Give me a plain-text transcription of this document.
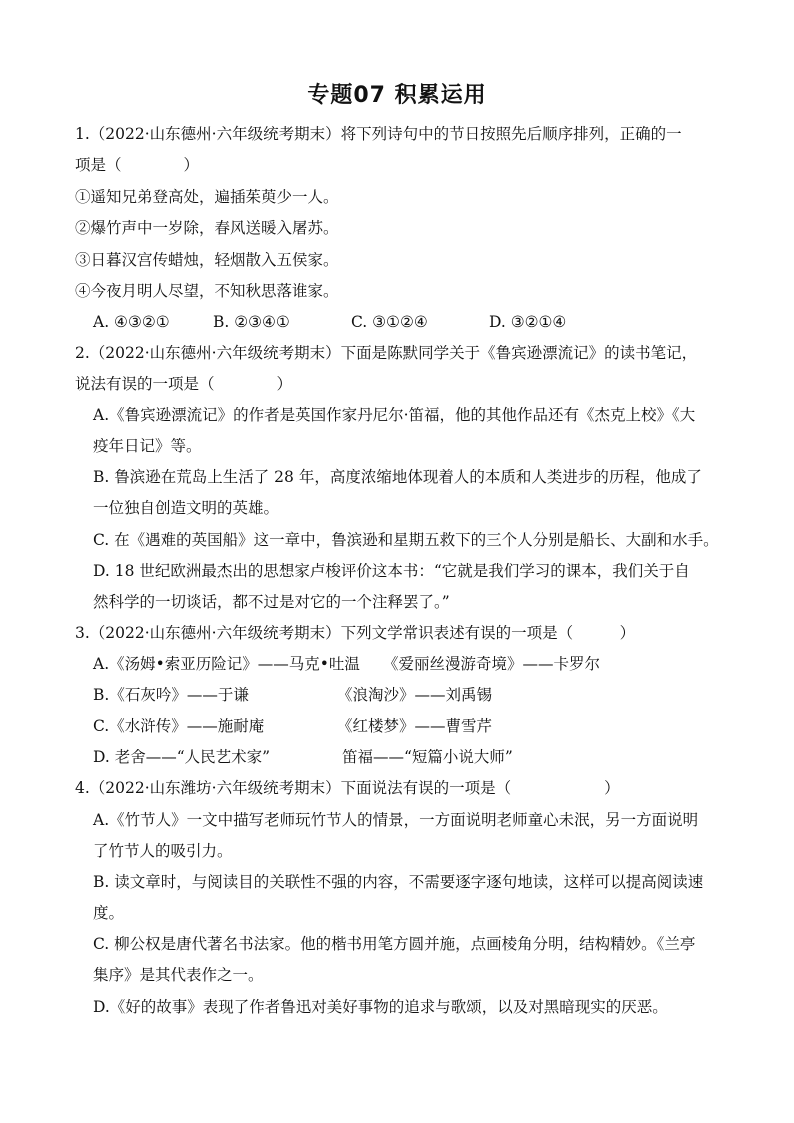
专题07 积累运用
1.（2022·山东德州·六年级统考期末）将下列诗句中的节日按照先后顺序排列，正确的一
项是（　　　　）
①遥知兄弟登高处，遍插茱萸少一人。
②爆竹声中一岁除，春风送暖入屠苏。
③日暮汉宫传蜡烛，轻烟散入五侯家。
④今夜月明人尽望，不知秋思落谁家。
A. ④③②①	B. ②③④①	C. ③①②④	D. ③②①④
2.（2022·山东德州·六年级统考期末）下面是陈默同学关于《鲁宾逊漂流记》的读书笔记，
说法有误的一项是（　　　　）
A.《鲁宾逊漂流记》的作者是英国作家丹尼尔·笛福，他的其他作品还有《杰克上校》《大
疫年日记》等。
B. 鲁滨逊在荒岛上生活了 28 年，高度浓缩地体现着人的本质和人类进步的历程，他成了
一位独自创造文明的英雄。
C. 在《遇难的英国船》这一章中，鲁滨逊和星期五救下的三个人分别是船长、大副和水手。
D. 18 世纪欧洲最杰出的思想家卢梭评价这本书：“它就是我们学习的课本，我们关于自
然科学的一切谈话，都不过是对它的一个注释罢了。”
3.（2022·山东德州·六年级统考期末）下列文学常识表述有误的一项是（　　　）
A.《汤姆•索亚历险记》——马克•吐温 《爱丽丝漫游奇境》——卡罗尔
B.《石灰吟》——于谦	《浪淘沙》——刘禹锡
C.《水浒传》——施耐庵	《红楼梦》——曹雪芹
D. 老舍——“人民艺术家”	笛福——“短篇小说大师”
4.（2022·山东潍坊·六年级统考期末）下面说法有误的一项是（　　　　　　）
A.《竹节人》一文中描写老师玩竹节人的情景，一方面说明老师童心未泯，另一方面说明
了竹节人的吸引力。
B. 读文章时，与阅读目的关联性不强的内容，不需要逐字逐句地读，这样可以提高阅读速
度。
C. 柳公权是唐代著名书法家。他的楷书用笔方圆并施，点画棱角分明，结构精妙。《兰亭
集序》是其代表作之一。
D.《好的故事》表现了作者鲁迅对美好事物的追求与歌颂，以及对黑暗现实的厌恶。
